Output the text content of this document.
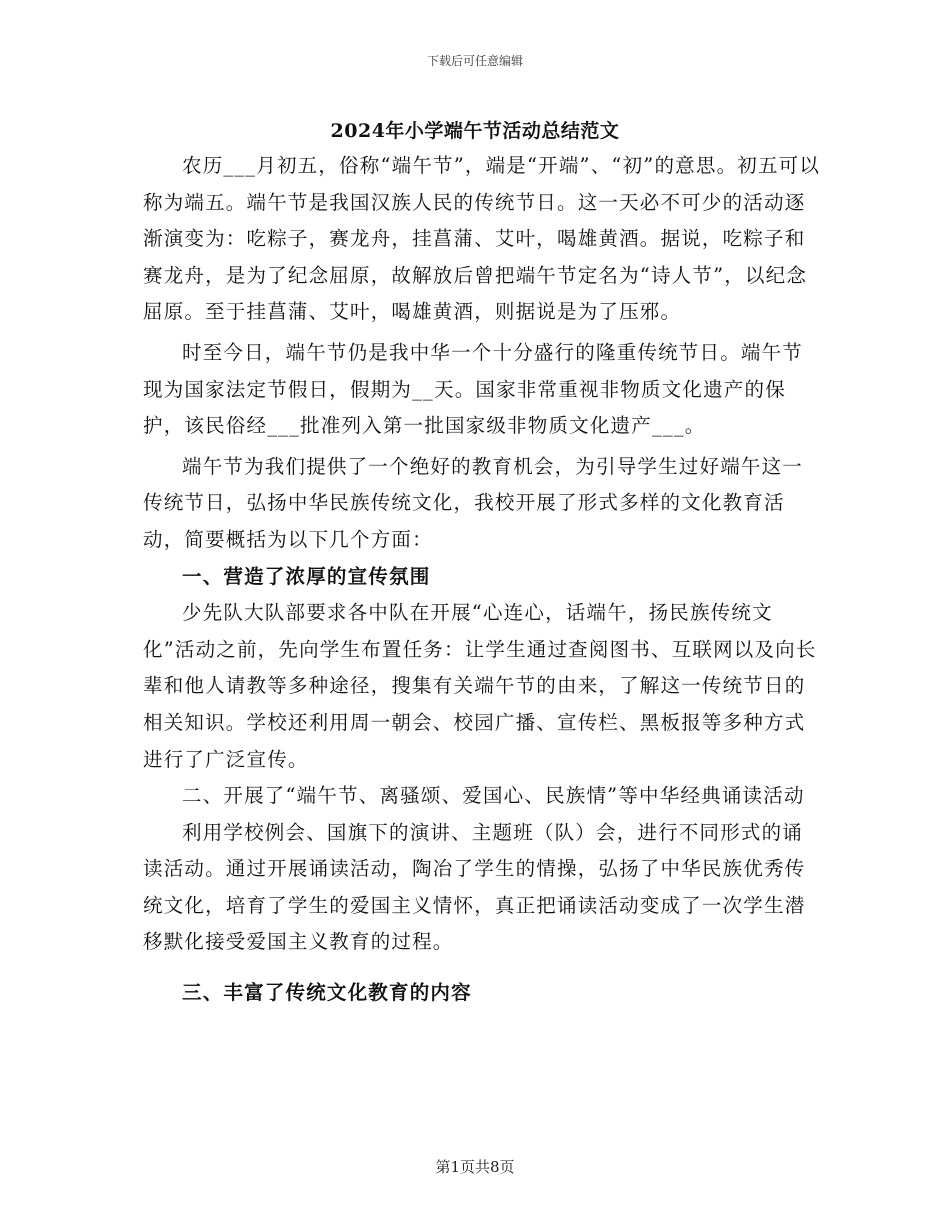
下载后可任意编辑
2024年小学端午节活动总结范文

农历___月初五，俗称“端午节”，端是“开端”、“初”的意思。初五可以称为端五。端午节是我国汉族人民的传统节日。这一天必不可少的活动逐渐演变为：吃粽子，赛龙舟，挂菖蒲、艾叶，喝雄黄酒。据说，吃粽子和赛龙舟，是为了纪念屈原，故解放后曾把端午节定名为“诗人节”，以纪念屈原。至于挂菖蒲、艾叶，喝雄黄酒，则据说是为了压邪。

时至今日，端午节仍是我中华一个十分盛行的隆重传统节日。端午节现为国家法定节假日，假期为__天。国家非常重视非物质文化遗产的保护，该民俗经___批准列入第一批国家级非物质文化遗产___。

端午节为我们提供了一个绝好的教育机会，为引导学生过好端午这一传统节日，弘扬中华民族传统文化，我校开展了形式多样的文化教育活动，简要概括为以下几个方面：

一、营造了浓厚的宣传氛围

少先队大队部要求各中队在开展“心连心，话端午，扬民族传统文化”活动之前，先向学生布置任务：让学生通过查阅图书、互联网以及向长辈和他人请教等多种途径，搜集有关端午节的由来，了解这一传统节日的相关知识。学校还利用周一朝会、校园广播、宣传栏、黑板报等多种方式进行了广泛宣传。

二、开展了“端午节、离骚颂、爱国心、民族情”等中华经典诵读活动

利用学校例会、国旗下的演讲、主题班（队）会，进行不同形式的诵读活动。通过开展诵读活动，陶冶了学生的情操，弘扬了中华民族优秀传统文化，培育了学生的爱国主义情怀，真正把诵读活动变成了一次学生潜移默化接受爱国主义教育的过程。

三、丰富了传统文化教育的内容

第1页共8页
